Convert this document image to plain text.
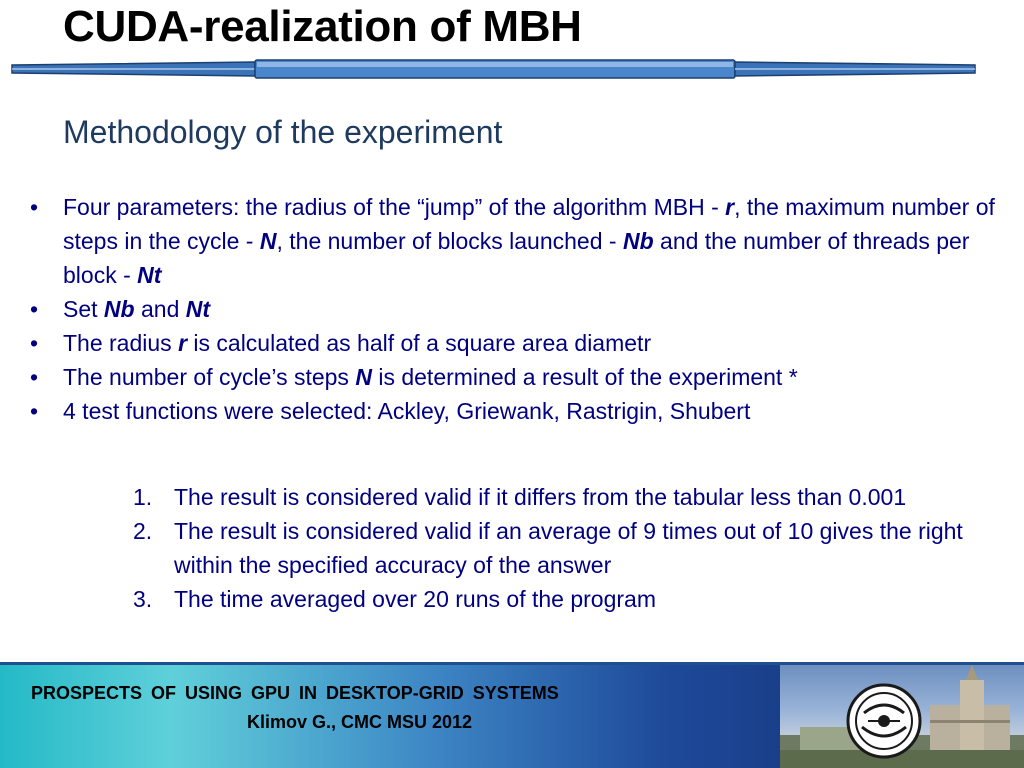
CUDA-realization of MBH
Methodology of the experiment
• Four parameters: the radius of the “jump” of the algorithm MBH - r, the maximum number of steps in the cycle - N, the number of blocks launched - Nb and the number of threads per block - Nt
• Set Nb and Nt
• The radius r is calculated as half of a square area diametr
• The number of cycle’s steps N is determined a result of the experiment *
• 4 test functions were selected: Ackley, Griewank, Rastrigin, Shubert
1. The result is considered valid if it differs from the tabular less than 0.001
2. The result is considered valid if an average of 9 times out of 10 gives the right within the specified accuracy of the answer
3. The time averaged over 20 runs of the program
PROSPECTS OF USING GPU IN DESKTOP-GRID SYSTEMS
Klimov G., CMC MSU 2012
